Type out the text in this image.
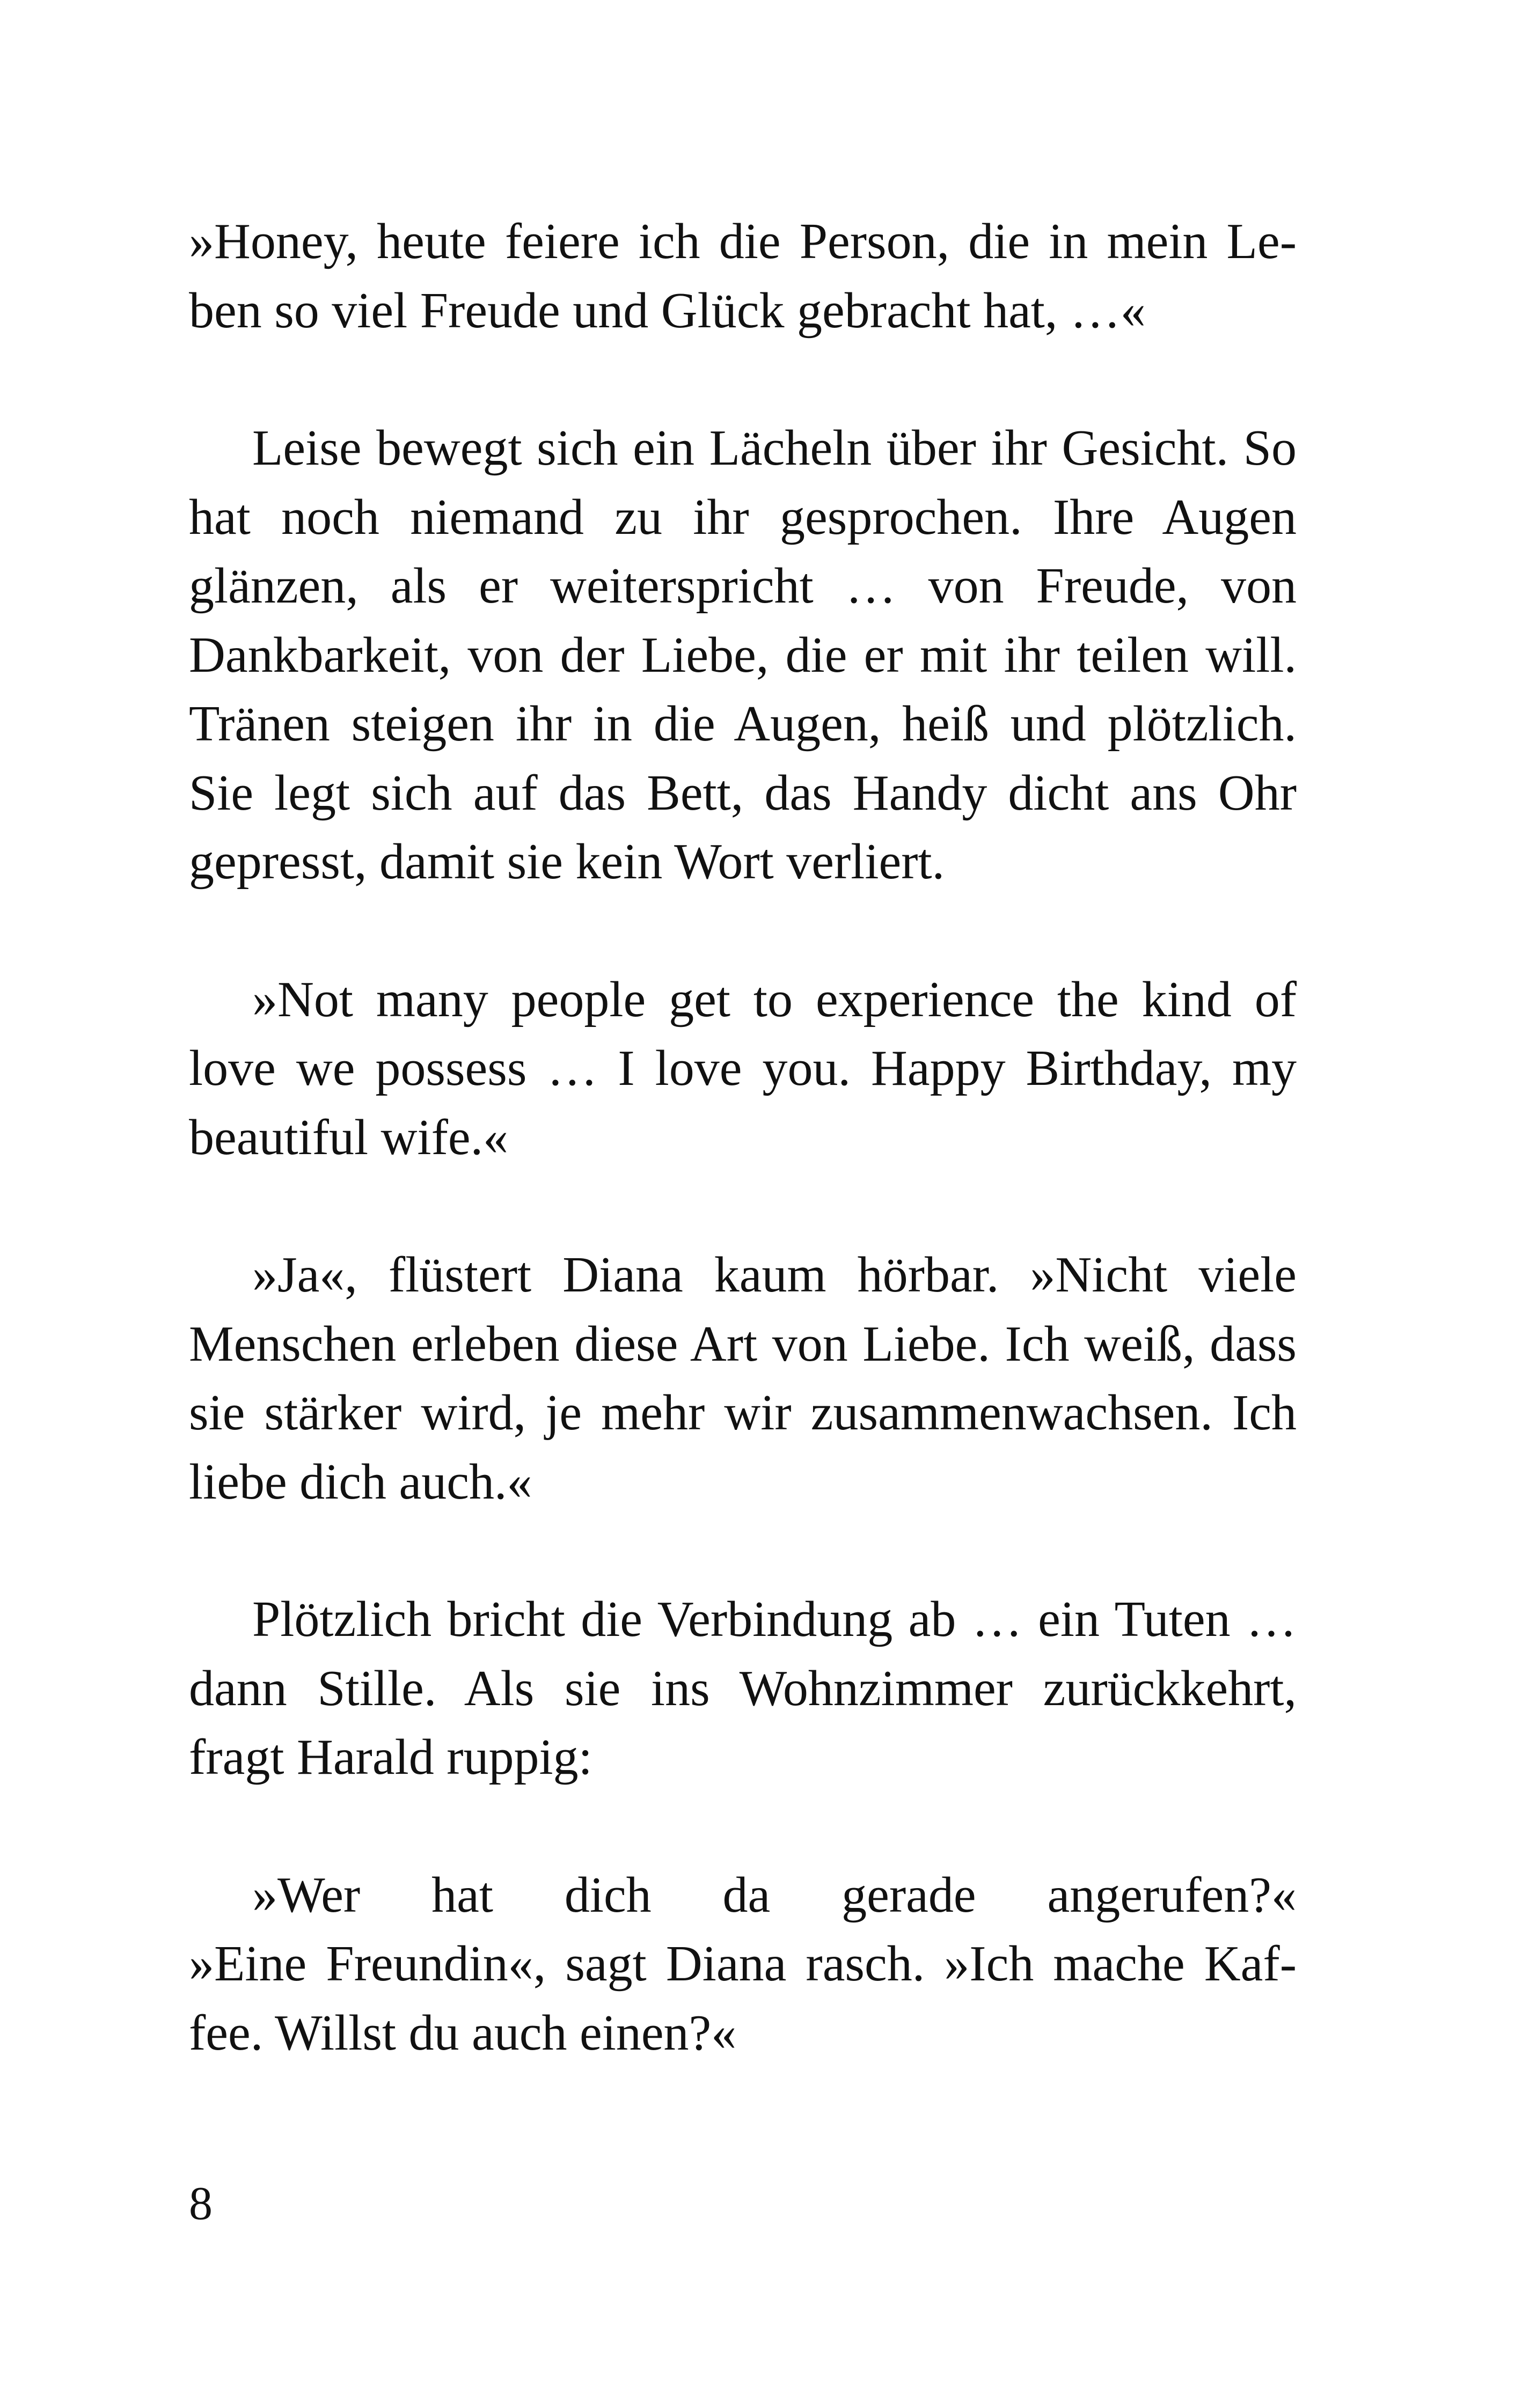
»Honey, heute feiere ich die Person, die in mein Le-
ben so viel Freude und Glück gebracht hat, …«

Leise bewegt sich ein Lächeln über ihr Gesicht. So
hat noch niemand zu ihr gesprochen. Ihre Augen
glänzen, als er weiterspricht … von Freude, von
Dankbarkeit, von der Liebe, die er mit ihr teilen will.
Tränen steigen ihr in die Augen, heiß und plötzlich.
Sie legt sich auf das Bett, das Handy dicht ans Ohr
gepresst, damit sie kein Wort verliert.

»Not many people get to experience the kind of
love we possess … I love you. Happy Birthday, my
beautiful wife.«

»Ja«, flüstert Diana kaum hörbar. »Nicht viele
Menschen erleben diese Art von Liebe. Ich weiß, dass
sie stärker wird, je mehr wir zusammenwachsen. Ich
liebe dich auch.«

Plötzlich bricht die Verbindung ab … ein Tuten …
dann Stille. Als sie ins Wohnzimmer zurückkehrt,
fragt Harald ruppig:

»Wer hat dich da gerade angerufen?«
»Eine Freundin«, sagt Diana rasch. »Ich mache Kaf-
fee. Willst du auch einen?«

8
